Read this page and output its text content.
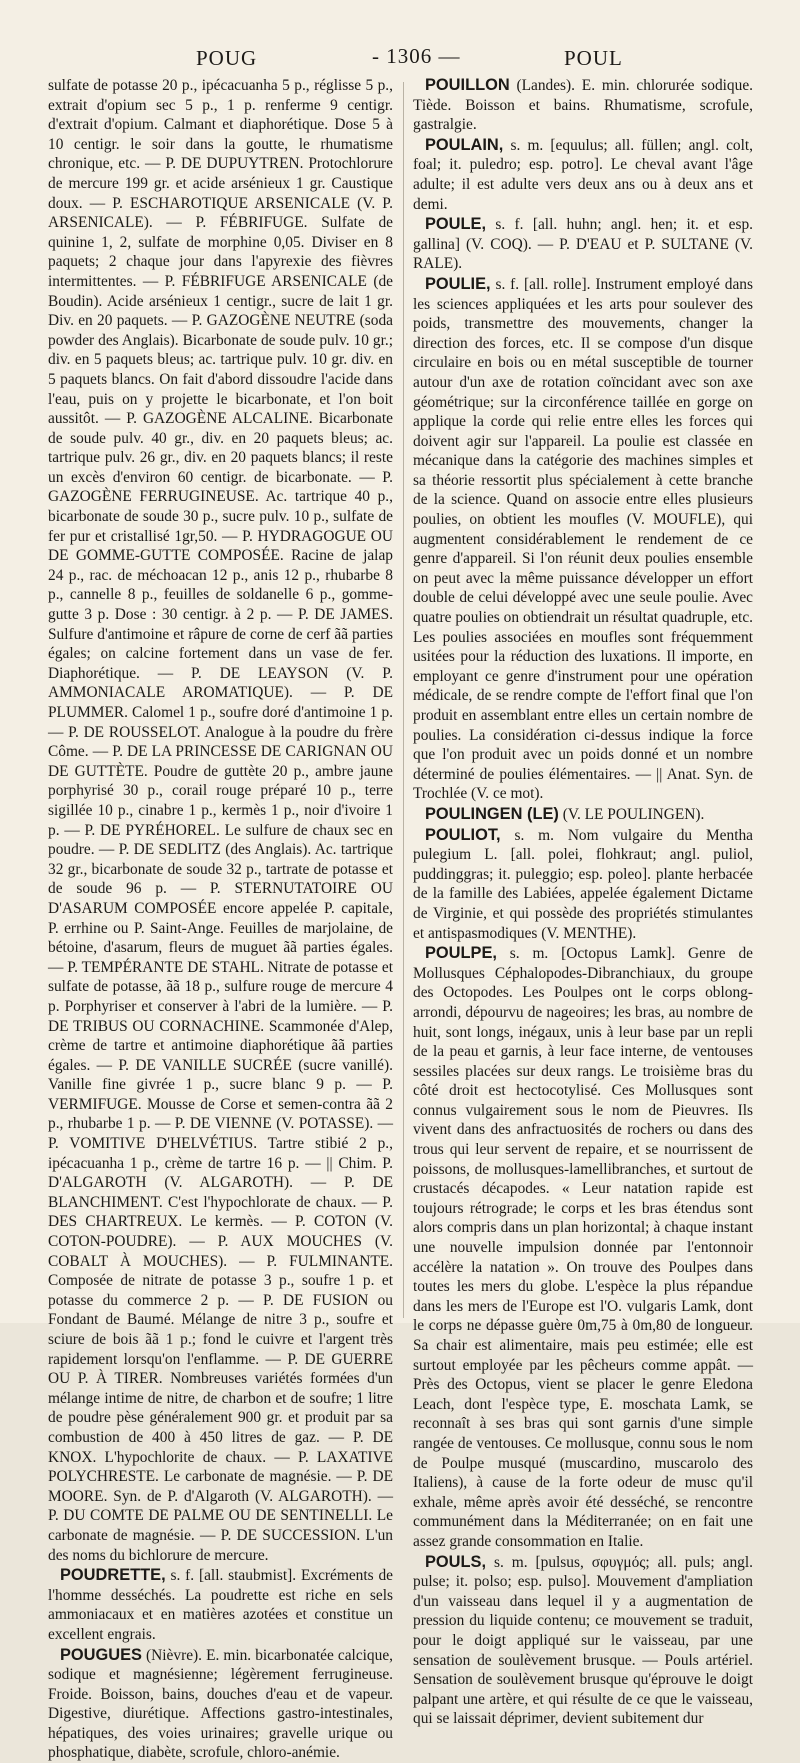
POUG	- 1306 —	POUL

sulfate de potasse 20 p., ipécacuanha 5 p., réglisse 5 p., extrait d'opium sec 5 p., 1 p. renferme 9 centigr. d'extrait d'opium. Calmant et diaphorétique. Dose 5 à 10 centigr. le soir dans la goutte, le rhumatisme chronique, etc. — P. DE DUPUYTREN. Protochlorure de mercure 199 gr. et acide arsénieux 1 gr. Caustique doux. — P. ESCHAROTIQUE ARSENICALE (V. P. ARSENICALE). — P. FÉBRIFUGE. Sulfate de quinine 1, 2, sulfate de morphine 0,05. Diviser en 8 paquets; 2 chaque jour dans l'apyrexie des fièvres intermittentes. — P. FÉBRIFUGE ARSENICALE (de Boudin). Acide arsénieux 1 centigr., sucre de lait 1 gr. Div. en 20 paquets. — P. GAZOGÈNE NEUTRE (soda powder des Anglais). Bicarbonate de soude pulv. 10 gr.; div. en 5 paquets bleus; ac. tartrique pulv. 10 gr. div. en 5 paquets blancs. On fait d'abord dissoudre l'acide dans l'eau, puis on y projette le bicarbonate, et l'on boit aussitôt. — P. GAZOGÈNE ALCALINE. Bicarbonate de soude pulv. 40 gr., div. en 20 paquets bleus; ac. tartrique pulv. 26 gr., div. en 20 paquets blancs; il reste un excès d'environ 60 centigr. de bicarbonate. — P. GAZOGÈNE FERRUGINEUSE. Ac. tartrique 40 p., bicarbonate de soude 30 p., sucre pulv. 10 p., sulfate de fer pur et cristallisé 1gr,50. — P. HYDRAGOGUE OU DE GOMME-GUTTE COMPOSÉE. Racine de jalap 24 p., rac. de méchoacan 12 p., anis 12 p., rhubarbe 8 p., cannelle 8 p., feuilles de soldanelle 6 p., gomme-gutte 3 p. Dose : 30 centigr. à 2 p. — P. DE JAMES. Sulfure d'antimoine et râpure de corne de cerf ãã parties égales; on calcine fortement dans un vase de fer. Diaphorétique. — P. DE LEAYSON (V. P. AMMONIACALE AROMATIQUE). — P. DE PLUMMER. Calomel 1 p., soufre doré d'antimoine 1 p. — P. DE ROUSSELOT. Analogue à la poudre du frère Côme. — P. DE LA PRINCESSE DE CARIGNAN OU DE GUTTÈTE. Poudre de guttète 20 p., ambre jaune porphyrisé 30 p., corail rouge préparé 10 p., terre sigillée 10 p., cinabre 1 p., kermès 1 p., noir d'ivoire 1 p. — P. DE PYRÉHOREL. Le sulfure de chaux sec en poudre. — P. DE SEDLITZ (des Anglais). Ac. tartrique 32 gr., bicarbonate de soude 32 p., tartrate de potasse et de soude 96 p. — P. STERNUTATOIRE OU D'ASARUM COMPOSÉE encore appelée P. capitale, P. errhine ou P. Saint-Ange. Feuilles de marjolaine, de bétoine, d'asarum, fleurs de muguet ãã parties égales. — P. TEMPÉRANTE DE STAHL. Nitrate de potasse et sulfate de potasse, ãã 18 p., sulfure rouge de mercure 4 p. Porphyriser et conserver à l'abri de la lumière. — P. DE TRIBUS OU CORNACHINE. Scammonée d'Alep, crème de tartre et antimoine diaphorétique ãã parties égales. — P. DE VANILLE SUCRÉE (sucre vanillé). Vanille fine givrée 1 p., sucre blanc 9 p. — P. VERMIFUGE. Mousse de Corse et semen-contra ãã 2 p., rhubarbe 1 p. — P. DE VIENNE (V. POTASSE). — P. VOMITIVE D'HELVÉTIUS. Tartre stibié 2 p., ipécacuanha 1 p., crème de tartre 16 p. — || Chim. P. D'ALGAROTH (V. ALGAROTH). — P. DE BLANCHIMENT. C'est l'hypochlorate de chaux. — P. DES CHARTREUX. Le kermès. — P. COTON (V. COTON-POUDRE). — P. AUX MOUCHES (V. COBALT À MOUCHES). — P. FULMINANTE. Composée de nitrate de potasse 3 p., soufre 1 p. et potasse du commerce 2 p. — P. DE FUSION ou Fondant de Baumé. Mélange de nitre 3 p., soufre et sciure de bois ãã 1 p.; fond le cuivre et l'argent très rapidement lorsqu'on l'enflamme. — P. DE GUERRE OU P. À TIRER. Nombreuses variétés formées d'un mélange intime de nitre, de charbon et de soufre; 1 litre de poudre pèse généralement 900 gr. et produit par sa combustion de 400 à 450 litres de gaz. — P. DE KNOX. L'hypochlorite de chaux. — P. LAXATIVE POLYCHRESTE. Le carbonate de magnésie. — P. DE MOORE. Syn. de P. d'Algaroth (V. ALGAROTH). — P. DU COMTE DE PALME OU DE SENTINELLI. Le carbonate de magnésie. — P. DE SUCCESSION. L'un des noms du bichlorure de mercure.

POUDRETTE, s. f. [all. staubmist]. Excréments de l'homme desséchés. La poudrette est riche en sels ammoniacaux et en matières azotées et constitue un excellent engrais.

POUGUES (Nièvre). E. min. bicarbonatée calcique, sodique et magnésienne; légèrement ferrugineuse. Froide. Boisson, bains, douches d'eau et de vapeur. Digestive, diurétique. Affections gastro-intestinales, hépatiques, des voies urinaires; gravelle urique ou phosphatique, diabète, scrofule, chloro-anémie.

POUILLON (Landes). E. min. chlorurée sodique. Tiède. Boisson et bains. Rhumatisme, scrofule, gastralgie.

POULAIN, s. m. [equulus; all. füllen; angl. colt, foal; it. puledro; esp. potro]. Le cheval avant l'âge adulte; il est adulte vers deux ans ou à deux ans et demi.

POULE, s. f. [all. huhn; angl. hen; it. et esp. gallina] (V. COQ). — P. D'EAU et P. SULTANE (V. RALE).

POULIE, s. f. [all. rolle]. Instrument employé dans les sciences appliquées et les arts pour soulever des poids, transmettre des mouvements, changer la direction des forces, etc. Il se compose d'un disque circulaire en bois ou en métal susceptible de tourner autour d'un axe de rotation coïncidant avec son axe géométrique; sur la circonférence taillée en gorge on applique la corde qui relie entre elles les forces qui doivent agir sur l'appareil. La poulie est classée en mécanique dans la catégorie des machines simples et sa théorie ressortit plus spécialement à cette branche de la science. Quand on associe entre elles plusieurs poulies, on obtient les moufles (V. MOUFLE), qui augmentent considérablement le rendement de ce genre d'appareil. Si l'on réunit deux poulies ensemble on peut avec la même puissance développer un effort double de celui développé avec une seule poulie. Avec quatre poulies on obtiendrait un résultat quadruple, etc. Les poulies associées en moufles sont fréquemment usitées pour la réduction des luxations. Il importe, en employant ce genre d'instrument pour une opération médicale, de se rendre compte de l'effort final que l'on produit en assemblant entre elles un certain nombre de poulies. La considération ci-dessus indique la force que l'on produit avec un poids donné et un nombre déterminé de poulies élémentaires. — || Anat. Syn. de Trochlée (V. ce mot).

POULINGEN (LE) (V. LE POULINGEN).

POULIOT, s. m. Nom vulgaire du Mentha pulegium L. [all. polei, flohkraut; angl. puliol, puddinggras; it. puleggio; esp. poleo]. plante herbacée de la famille des Labiées, appelée également Dictame de Virginie, et qui possède des propriétés stimulantes et antispasmodiques (V. MENTHE).

POULPE, s. m. [Octopus Lamk]. Genre de Mollusques Céphalopodes-Dibranchiaux, du groupe des Octopodes. Les Poulpes ont le corps oblong-arrondi, dépourvu de nageoires; les bras, au nombre de huit, sont longs, inégaux, unis à leur base par un repli de la peau et garnis, à leur face interne, de ventouses sessiles placées sur deux rangs. Le troisième bras du côté droit est hectocotylisé. Ces Mollusques sont connus vulgairement sous le nom de Pieuvres. Ils vivent dans des anfractuosités de rochers ou dans des trous qui leur servent de repaire, et se nourrissent de poissons, de mollusques-lamellibranches, et surtout de crustacés décapodes. « Leur natation rapide est toujours rétrograde; le corps et les bras étendus sont alors compris dans un plan horizontal; à chaque instant une nouvelle impulsion donnée par l'entonnoir accélère la natation ». On trouve des Poulpes dans toutes les mers du globe. L'espèce la plus répandue dans les mers de l'Europe est l'O. vulgaris Lamk, dont le corps ne dépasse guère 0m,75 à 0m,80 de longueur. Sa chair est alimentaire, mais peu estimée; elle est surtout employée par les pêcheurs comme appât. — Près des Octopus, vient se placer le genre Eledona Leach, dont l'espèce type, E. moschata Lamk, se reconnaît à ses bras qui sont garnis d'une simple rangée de ventouses. Ce mollusque, connu sous le nom de Poulpe musqué (muscardino, muscarolo des Italiens), à cause de la forte odeur de musc qu'il exhale, même après avoir été desséché, se rencontre communément dans la Méditerranée; on en fait une assez grande consommation en Italie.

POULS, s. m. [pulsus, σφυγμός; all. puls; angl. pulse; it. polso; esp. pulso]. Mouvement d'ampliation d'un vaisseau dans lequel il y a augmentation de pression du liquide contenu; ce mouvement se traduit, pour le doigt appliqué sur le vaisseau, par une sensation de soulèvement brusque. — Pouls artériel. Sensation de soulèvement brusque qu'éprouve le doigt palpant une artère, et qui résulte de ce que le vaisseau, qui se laissait déprimer, devient subitement dur
